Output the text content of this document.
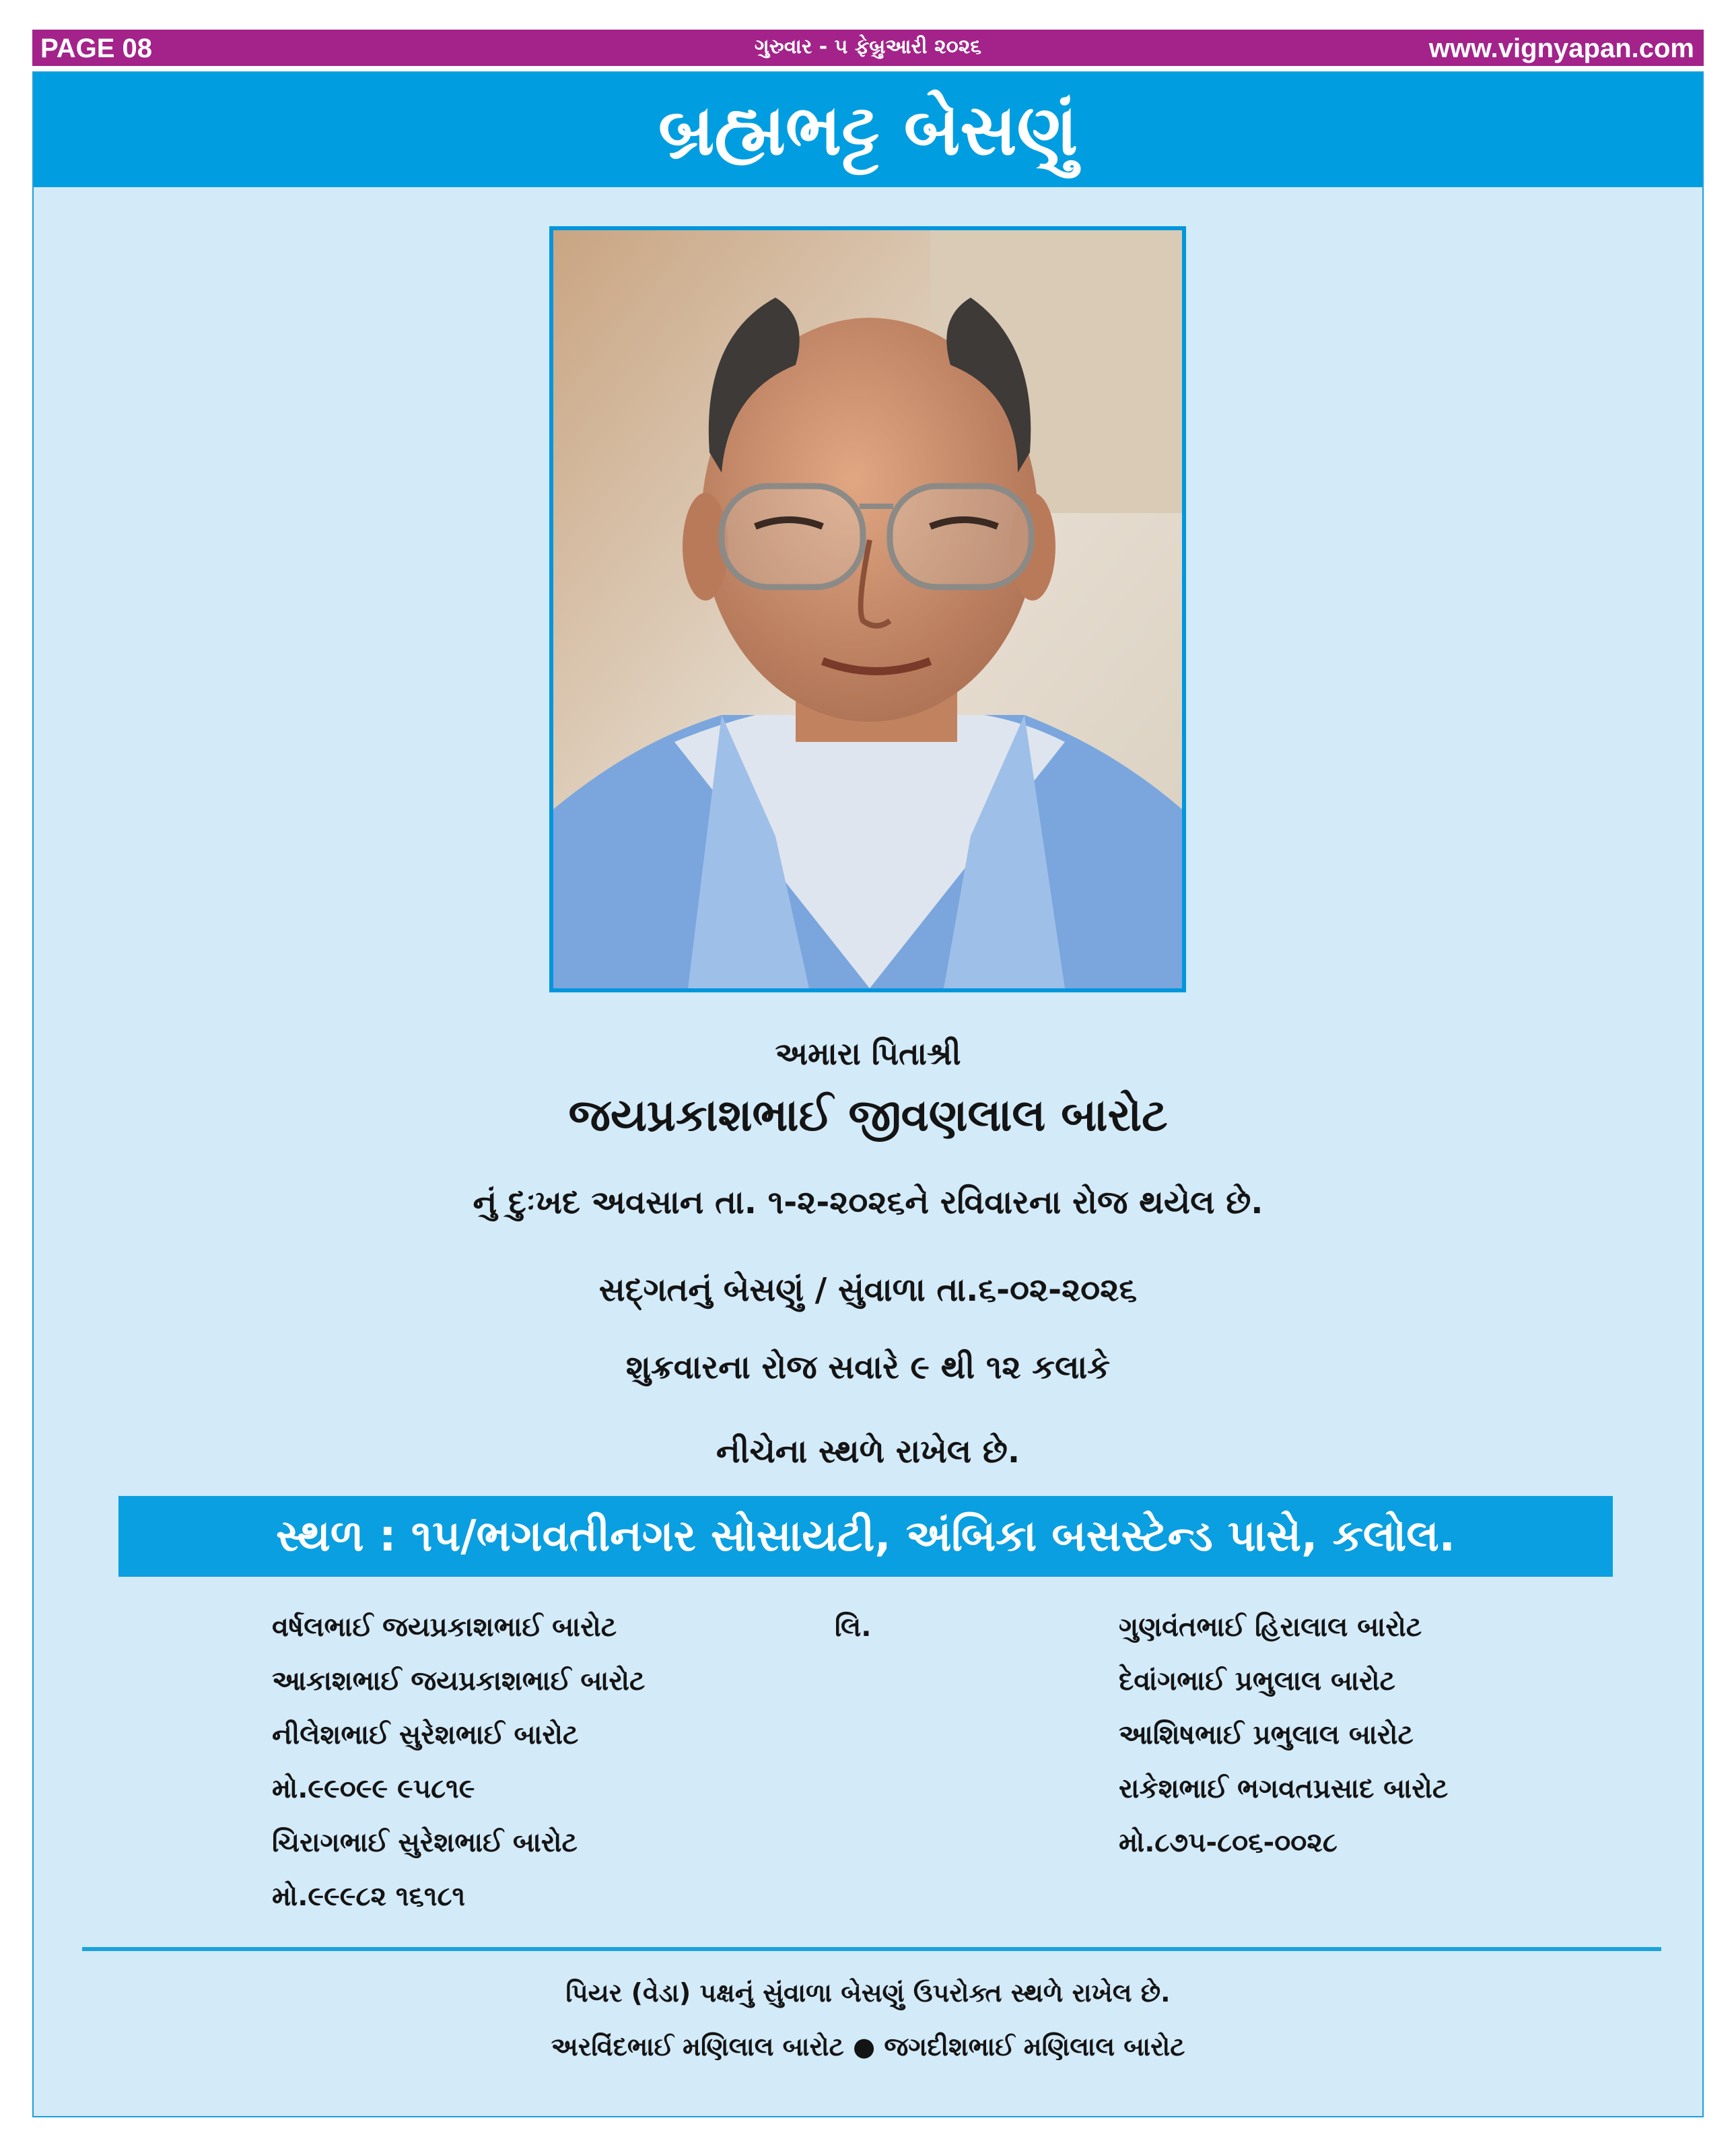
PAGE 08	ગુરુવાર - ૫ ફેબ્રુઆરી ૨૦૨૬	www.vignyapan.com
બ્રહ્મભટ્ટ બેસણું
અમારા પિતાશ્રી
જયપ્રકાશભાઈ જીવણલાલ બારોટ
નું દુઃખદ અવસાન તા. ૧-૨-૨૦૨૬ને રવિવારના રોજ થયેલ છે.
સદ્‌ગતનું બેસણું / સુંવાળા તા.૬-૦૨-૨૦૨૬
શુક્રવારના રોજ સવારે ૯ થી ૧૨ કલાકે
નીચેના સ્થળે રાખેલ છે.
સ્થળ : ૧૫/ભગવતીનગર સોસાયટી, અંબિકા બસસ્ટેન્ડ પાસે, કલોલ.
વર્ષલભાઈ જયપ્રકાશભાઈ બારોટ
આકાશભાઈ જયપ્રકાશભાઈ બારોટ
નીલેશભાઈ સુરેશભાઈ બારોટ
મો.૯૯૦૯૯ ૯૫૮૧૯
ચિરાગભાઈ સુરેશભાઈ બારોટ
મો.૯૯૯૮૨ ૧૬૧૮૧
લિ.	ગુણવંતભાઈ હિરાલાલ બારોટ
દેવાંગભાઈ પ્રભુલાલ બારોટ
આશિષભાઈ પ્રભુલાલ બારોટ
રાકેશભાઈ ભગવતપ્રસાદ બારોટ
મો.૮૭૫-૮૦૬-૦૦૨૮
પિયર (વેડા) પક્ષનું સુંવાળા બેસણું ઉપરોક્ત સ્થળે રાખેલ છે.
અરવિંદભાઈ મણિલાલ બારોટ ● જગદીશભાઈ મણિલાલ બારોટ
